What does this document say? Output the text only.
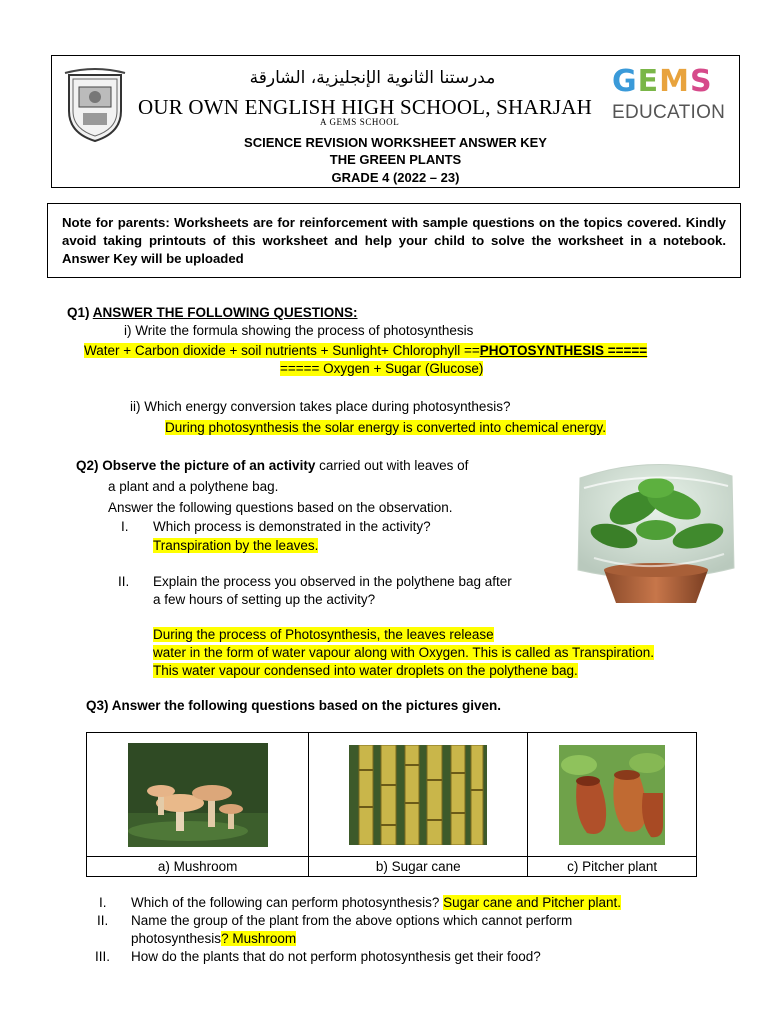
مدرستنا الثانوية الإنجليزية، الشارقة
OUR OWN ENGLISH HIGH SCHOOL, SHARJAH
A GEMS SCHOOL
GEMS
EDUCATION
SCIENCE REVISION WORKSHEET ANSWER KEY
THE GREEN PLANTS
GRADE 4 (2022 – 23)
Note for parents: Worksheets are for reinforcement with sample questions on the topics covered. Kindly avoid taking printouts of this worksheet and help your child to solve the worksheet in a notebook. Answer Key will be uploaded
Q1) ANSWER THE FOLLOWING QUESTIONS:
i) Write the formula showing the process of photosynthesis
Water + Carbon dioxide + soil nutrients + Sunlight+ Chlorophyll ==PHOTOSYNTHESIS =====
===== Oxygen + Sugar (Glucose)
ii) Which energy conversion takes place during photosynthesis?
During photosynthesis the solar energy is converted into chemical energy.
Q2) Observe the picture of an activity carried out with leaves of
a plant and a polythene bag.
Answer the following questions based on the observation.
I. Which process is demonstrated in the activity?
Transpiration by the leaves.
II. Explain the process you observed in the polythene bag after
a few hours of setting up the activity?
During the process of Photosynthesis, the leaves release
water in the form of water vapour along with Oxygen. This is called as Transpiration.
This water vapour condensed into water droplets on the polythene bag.
Q3) Answer the following questions based on the pictures given.

a) Mushroom	b) Sugar cane	c) Pitcher plant
I. Which of the following can perform photosynthesis? Sugar cane and Pitcher plant.
II. Name the group of the plant from the above options which cannot perform
photosynthesis? Mushroom
III. How do the plants that do not perform photosynthesis get their food?
